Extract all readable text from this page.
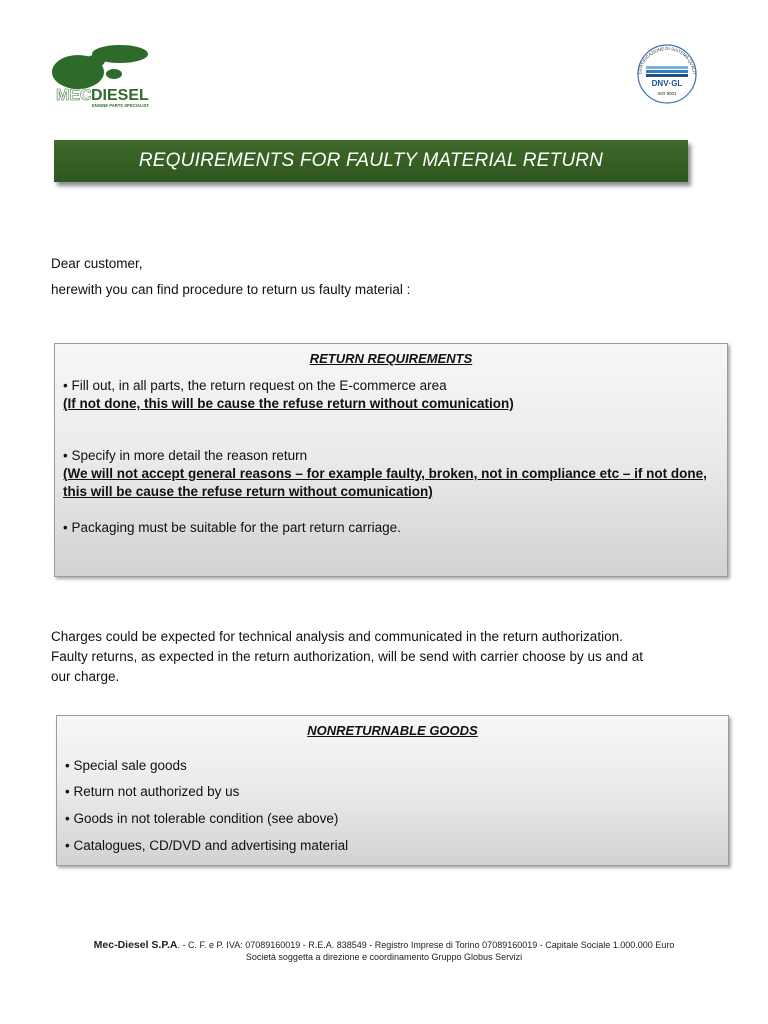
MEC DIESEL
ENGINE PARTS SPECIALIST
CERTIFICAZIONE DI SISTEMA QUALIT
DNV·GL
ISO 9001
REQUIREMENTS FOR FAULTY MATERIAL RETURN
Dear customer,
herewith you can find procedure to return us faulty material :
RETURN REQUIREMENTS
• Fill out, in all parts, the return request on the E-commerce area
(If not done, this will be cause the refuse return without comunication)
• Specify in more detail the reason return
(We will not accept general reasons – for example faulty, broken, not in compliance etc – if not done,
this will be cause the refuse return without comunication)
• Packaging must be suitable for the part return carriage.

Charges could be expected for technical analysis and communicated in the return authorization.

Faulty returns, as expected in the return authorization, will be send with carrier choose by us and at

our charge.

NONRETURNABLE GOODS
• Special sale goods
• Return not authorized by us
• Goods in not tolerable condition (see above)
• Catalogues, CD/DVD and advertising material
Mec-Diesel S.P.A. - C. F. e P. IVA: 07089160019 - R.E.A. 838549 - Registro Imprese di Torino 07089160019 - Capitale Sociale 1.000.000 Euro
Società soggetta a direzione e coordinamento Gruppo Globus Servizi
